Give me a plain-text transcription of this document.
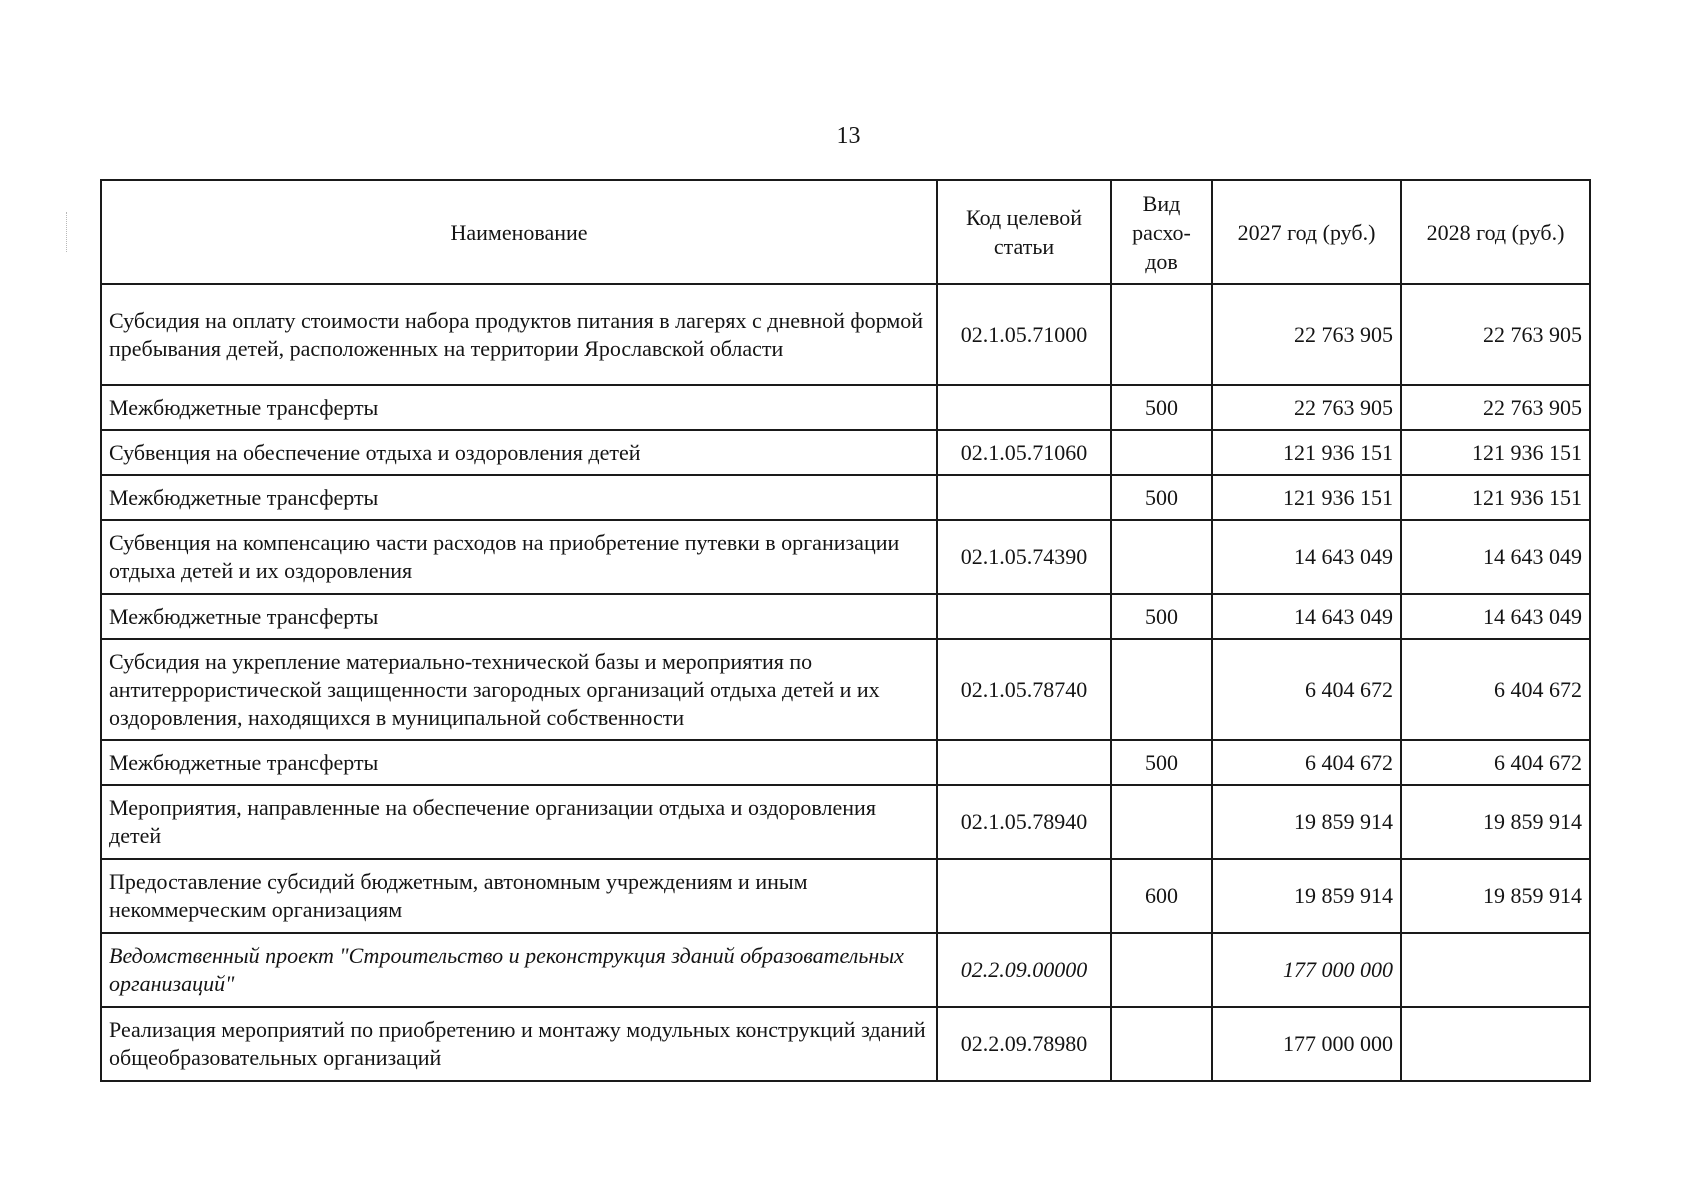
13
Наименование	Код целевой статьи	Вид расхо-дов	2027 год (руб.)	2028 год (руб.)
Субсидия на оплату стоимости набора продуктов питания в лагерях с дневной формой пребывания детей, расположенных на территории Ярославской области	02.1.05.71000		22 763 905	22 763 905
Межбюджетные трансферты		500	22 763 905	22 763 905
Субвенция на обеспечение отдыха и оздоровления детей	02.1.05.71060		121 936 151	121 936 151
Межбюджетные трансферты		500	121 936 151	121 936 151
Субвенция на компенсацию части расходов на приобретение путевки в организации отдыха детей и их оздоровления	02.1.05.74390		14 643 049	14 643 049
Межбюджетные трансферты		500	14 643 049	14 643 049
Субсидия на укрепление материально-технической базы и мероприятия по антитеррористической защищенности загородных организаций отдыха детей и их оздоровления, находящихся в муниципальной собственности	02.1.05.78740		6 404 672	6 404 672
Межбюджетные трансферты		500	6 404 672	6 404 672
Мероприятия, направленные на обеспечение организации отдыха и оздоровления детей	02.1.05.78940		19 859 914	19 859 914
Предоставление субсидий бюджетным, автономным учреждениям и иным некоммерческим организациям		600	19 859 914	19 859 914
Ведомственный проект "Строительство и реконструкция зданий образовательных организаций"	02.2.09.00000		177 000 000	
Реализация мероприятий по приобретению и монтажу модульных конструкций зданий общеобразовательных организаций	02.2.09.78980		177 000 000	
